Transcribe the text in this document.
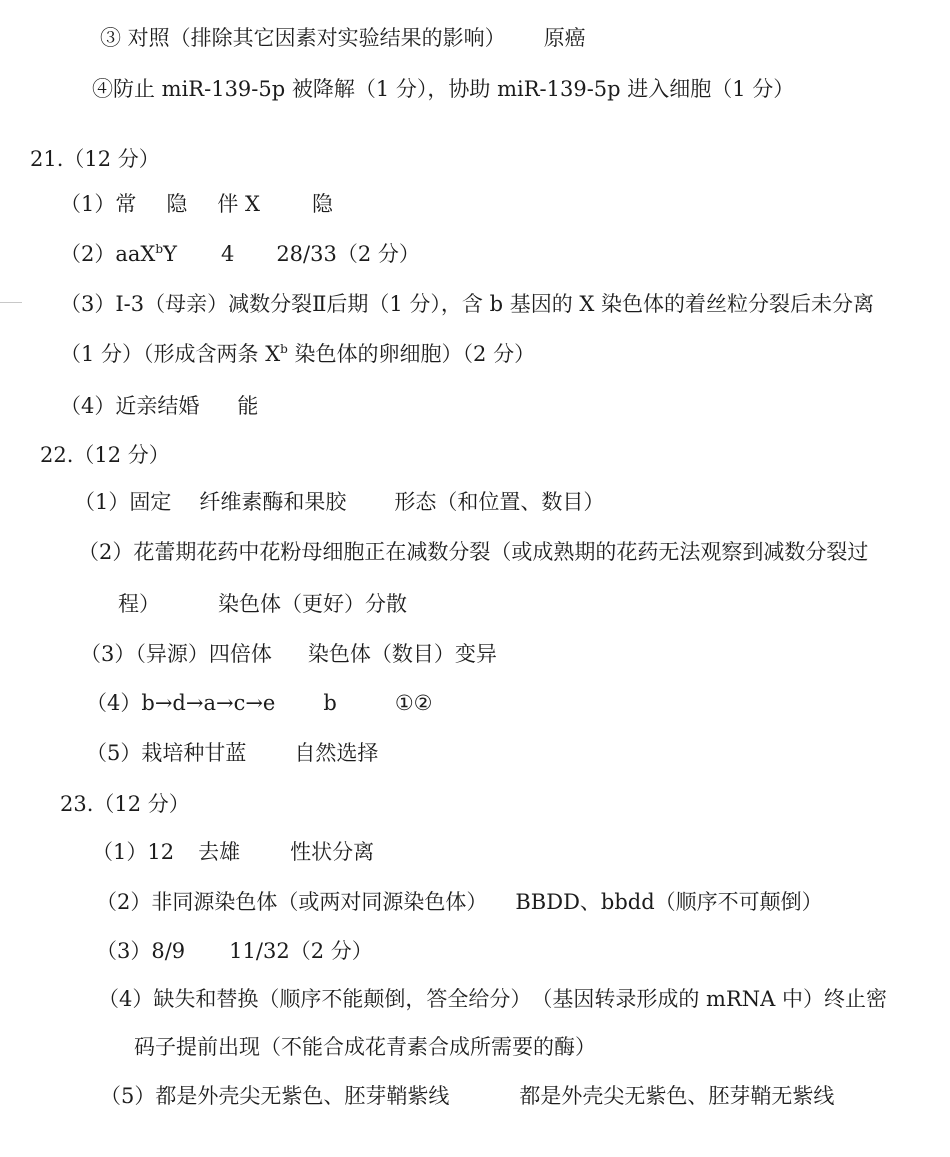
③ 对照（排除其它因素对实验结果的影响） 原癌
④防止 miR-139-5p 被降解（1 分），协助 miR-139-5p 进入细胞（1 分）
21.（12 分）
（1）常 隐 伴 X 隐
（2）aaX$^b$Y 4 28/33（2 分）
（3）I-3（母亲）减数分裂Ⅱ后期（1 分），含 b 基因的 X 染色体的着丝粒分裂后未分离
（1 分）（形成含两条 $X^b$ 染色体的卵细胞）（2 分）
（4）近亲结婚 能
22.（12 分）
（1）固定 纤维素酶和果胶 形态（和位置、数目）
（2）花蕾期花药中花粉母细胞正在减数分裂（或成熟期的花药无法观察到减数分裂过
程）	染色体（更好）分散
（3）（异源）四倍体 染色体（数目）变异
（4）b→d→a→c→e b	①②
（5）栽培种甘蓝 自然选择
23.（12 分）
（1）12 去雄 性状分离
（2）非同源染色体（或两对同源染色体） BBDD、bbdd（顺序不可颠倒）
（3）8/9 11/32（2 分）
（4）缺失和替换（顺序不能颠倒，答全给分）　（基因转录形成的 mRNA 中）终止密
码子提前出现（不能合成花青素合成所需要的酶）
（5）都是外壳尖无紫色、胚芽鞘紫线	都是外壳尖无紫色、胚芽鞘无紫线
